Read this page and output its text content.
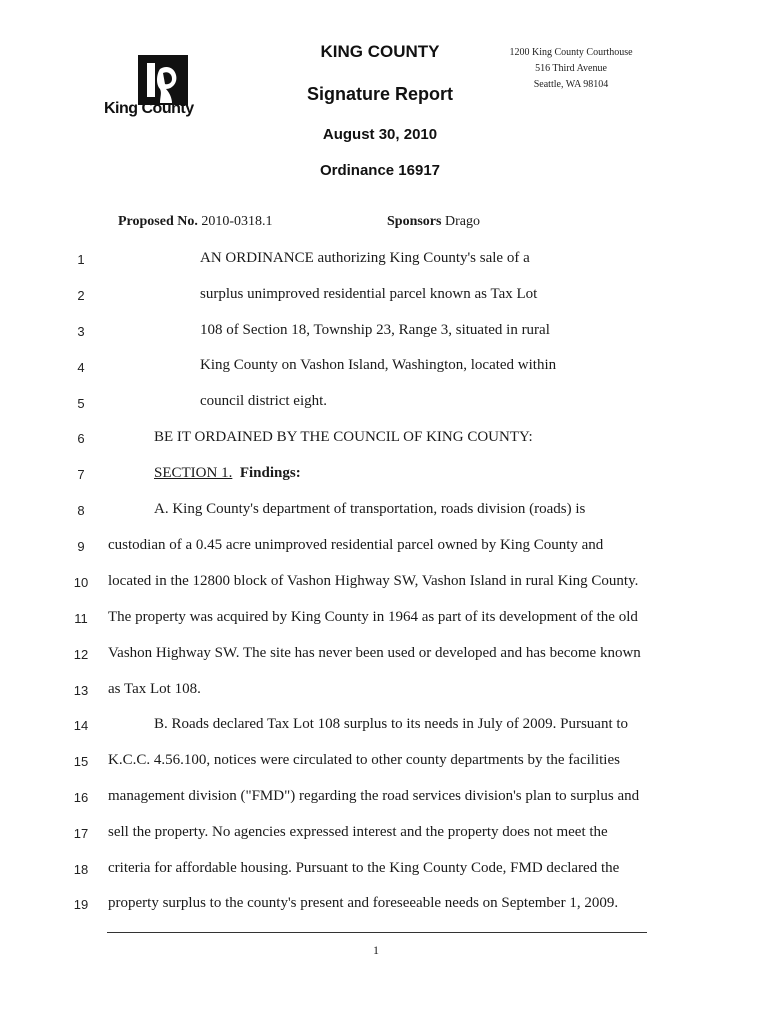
King County
KING COUNTY
Signature Report
August 30, 2010
Ordinance 16917
1200 King County Courthouse
516 Third Avenue
Seattle, WA 98104
Proposed No. 2010-0318.1	Sponsors Drago
1	AN ORDINANCE authorizing King County's sale of a
2	surplus unimproved residential parcel known as Tax Lot
3	108 of Section 18, Township 23, Range 3, situated in rural
4	King County on Vashon Island, Washington, located within
5	council district eight.
6	BE IT ORDAINED BY THE COUNCIL OF KING COUNTY:
7	SECTION 1. Findings:
8	A. King County's department of transportation, roads division (roads) is
9	custodian of a 0.45 acre unimproved residential parcel owned by King County and
10 located in the 12800 block of Vashon Highway SW, Vashon Island in rural King County.
11 The property was acquired by King County in 1964 as part of its development of the old
12 Vashon Highway SW. The site has never been used or developed and has become known
13 as Tax Lot 108.
14	B. Roads declared Tax Lot 108 surplus to its needs in July of 2009. Pursuant to
15 K.C.C. 4.56.100, notices were circulated to other county departments by the facilities
16 management division ("FMD") regarding the road services division's plan to surplus and
17 sell the property. No agencies expressed interest and the property does not meet the
18 criteria for affordable housing. Pursuant to the King County Code, FMD declared the
19 property surplus to the county's present and foreseeable needs on September 1, 2009.
1
